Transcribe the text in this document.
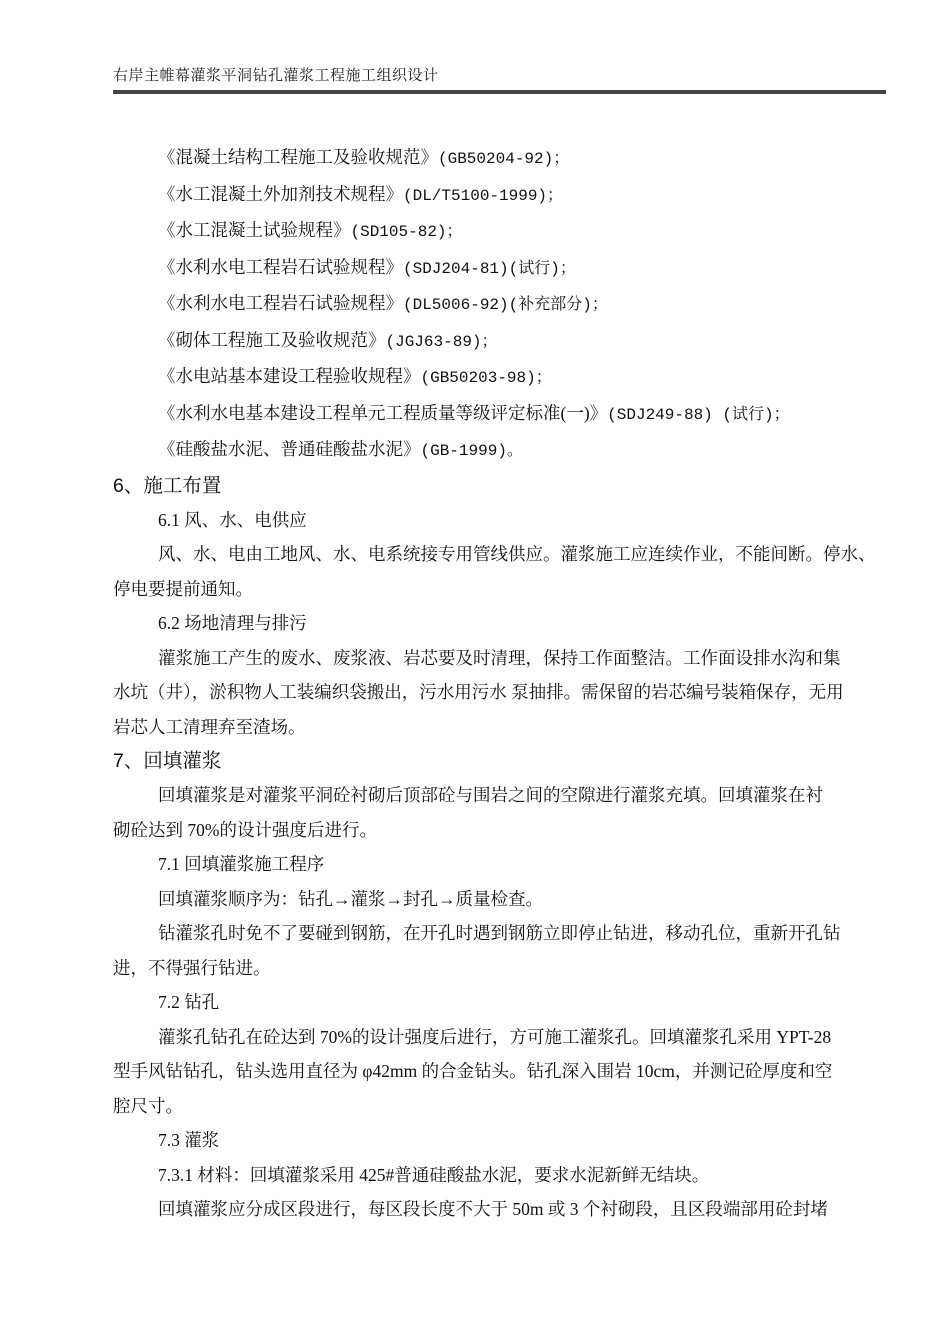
右岸主帷幕灌浆平洞钻孔灌浆工程施工组织设计
《混凝土结构工程施工及验收规范》(GB50204-92)；
《水工混凝土外加剂技术规程》(DL/T5100-1999)；
《水工混凝土试验规程》(SD105-82)；
《水利水电工程岩石试验规程》(SDJ204-81)(试行)；
《水利水电工程岩石试验规程》(DL5006-92)(补充部分)；
《砌体工程施工及验收规范》(JGJ63-89)；
《水电站基本建设工程验收规程》(GB50203-98)；
《水利水电基本建设工程单元工程质量等级评定标准(一)》(SDJ249-88) (试行)；
《硅酸盐水泥、普通硅酸盐水泥》(GB-1999)。
6、施工布置
6.1 风、水、电供应
风、水、电由工地风、水、电系统接专用管线供应。灌浆施工应连续作业，不能间断。停水、
停电要提前通知。
6.2 场地清理与排污
灌浆施工产生的废水、废浆液、岩芯要及时清理，保持工作面整洁。工作面设排水沟和集
水坑（井），淤积物人工装编织袋搬出，污水用污水 泵抽排。需保留的岩芯编号装箱保存，无用
岩芯人工清理弃至渣场。
7、回填灌浆
回填灌浆是对灌浆平洞砼衬砌后顶部砼与围岩之间的空隙进行灌浆充填。回填灌浆在衬
砌砼达到 70%的设计强度后进行。
7.1 回填灌浆施工程序
回填灌浆顺序为：钻孔→灌浆→封孔→质量检查。
钻灌浆孔时免不了要碰到钢筋，在开孔时遇到钢筋立即停止钻进，移动孔位，重新开孔钻
进，不得强行钻进。
7.2 钻孔
灌浆孔钻孔在砼达到 70%的设计强度后进行，方可施工灌浆孔。回填灌浆孔采用 YPT-28
型手风钻钻孔，钻头选用直径为 φ42mm 的合金钻头。钻孔深入围岩 10cm，并测记砼厚度和空
腔尺寸。
7.3 灌浆
7.3.1 材料：回填灌浆采用 425#普通硅酸盐水泥，要求水泥新鲜无结块。
回填灌浆应分成区段进行，每区段长度不大于 50m 或 3 个衬砌段，且区段端部用砼封堵
